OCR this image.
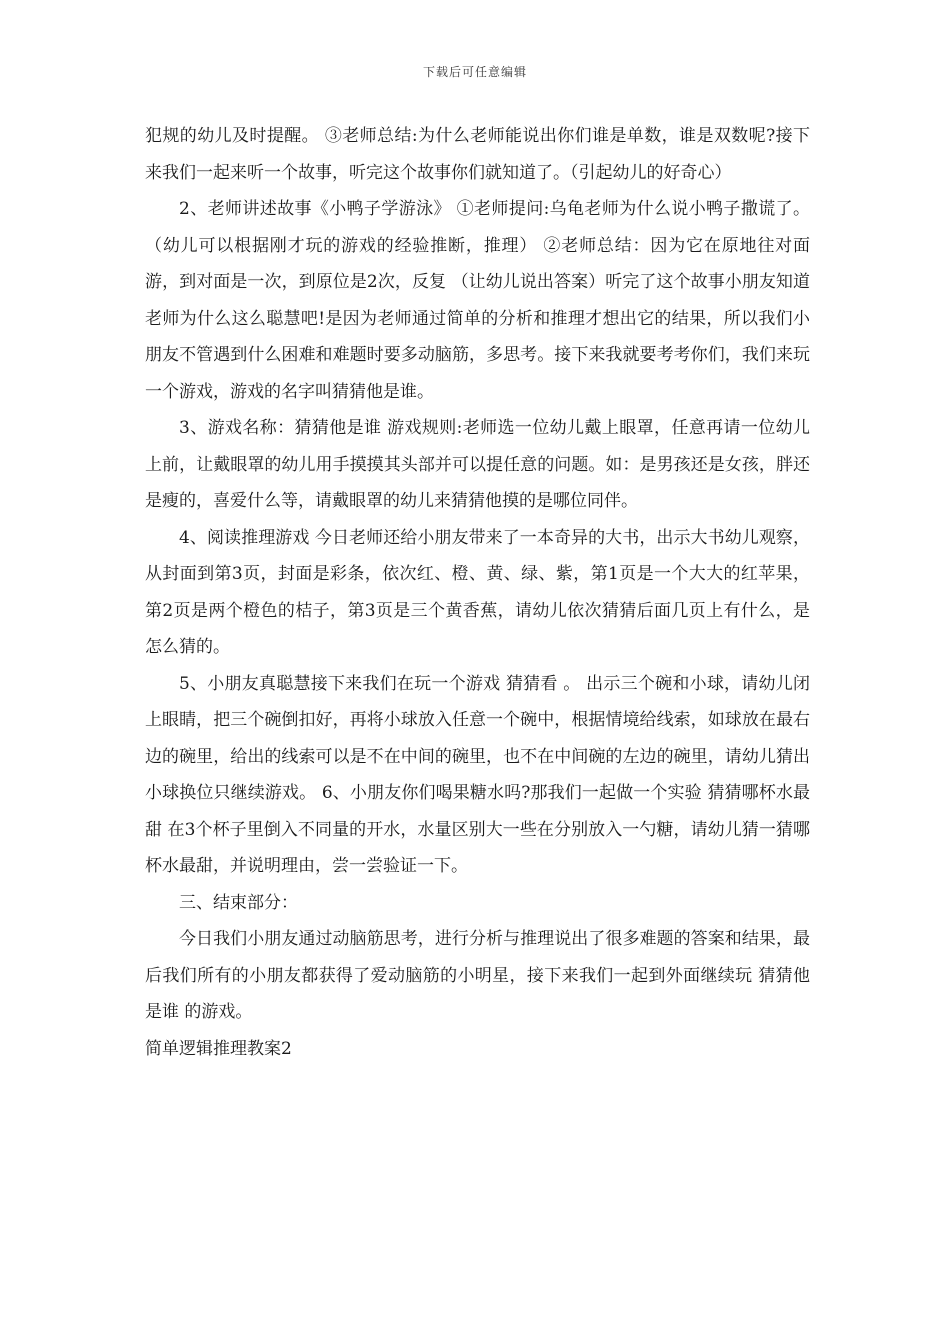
下载后可任意编辑

犯规的幼儿及时提醒。 ③老师总结:为什么老师能说出你们谁是单数，谁是双数呢?接下来我们一起来听一个故事，听完这个故事你们就知道了。（引起幼儿的好奇心）

2、老师讲述故事《小鸭子学游泳》 ①老师提问:乌龟老师为什么说小鸭子撒谎了。 （幼儿可以根据刚才玩的游戏的经验推断，推理） ②老师总结：因为它在原地往对面游，到对面是一次，到原位是2次，反复 （让幼儿说出答案）听完了这个故事小朋友知道老师为什么这么聪慧吧!是因为老师通过简单的分析和推理才想出它的结果，所以我们小朋友不管遇到什么困难和难题时要多动脑筋，多思考。接下来我就要考考你们，我们来玩一个游戏，游戏的名字叫猜猜他是谁。

3、游戏名称：猜猜他是谁 游戏规则:老师选一位幼儿戴上眼罩，任意再请一位幼儿上前，让戴眼罩的幼儿用手摸摸其头部并可以提任意的问题。如：是男孩还是女孩，胖还是瘦的，喜爱什么等，请戴眼罩的幼儿来猜猜他摸的是哪位同伴。

4、阅读推理游戏 今日老师还给小朋友带来了一本奇异的大书，出示大书幼儿观察，从封面到第3页，封面是彩条，依次红、橙、黄、绿、紫，第1页是一个大大的红苹果，第2页是两个橙色的桔子，第3页是三个黄香蕉，请幼儿依次猜猜后面几页上有什么，是怎么猜的。

5、小朋友真聪慧接下来我们在玩一个游戏 猜猜看 。 出示三个碗和小球，请幼儿闭上眼睛，把三个碗倒扣好，再将小球放入任意一个碗中，根据情境给线索，如球放在最右边的碗里，给出的线索可以是不在中间的碗里，也不在中间碗的左边的碗里，请幼儿猜出小球换位只继续游戏。 6、小朋友你们喝果糖水吗?那我们一起做一个实验 猜猜哪杯水最甜 在3个杯子里倒入不同量的开水，水量区别大一些在分别放入一勺糖，请幼儿猜一猜哪杯水最甜，并说明理由，尝一尝验证一下。

三、结束部分：

今日我们小朋友通过动脑筋思考，进行分析与推理说出了很多难题的答案和结果，最后我们所有的小朋友都获得了爱动脑筋的小明星，接下来我们一起到外面继续玩 猜猜他是谁 的游戏。

简单逻辑推理教案2
